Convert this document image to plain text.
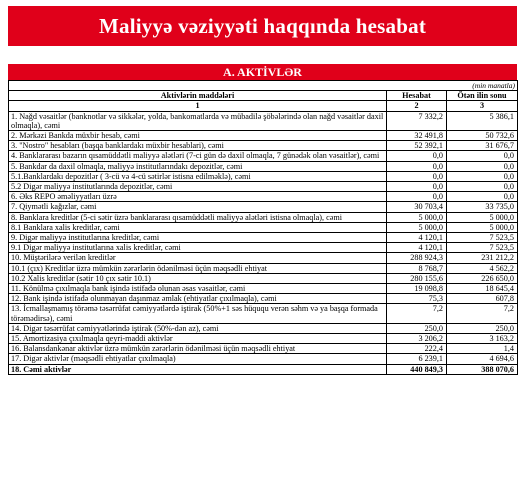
Maliyyə vəziyyəti haqqında hesabat
A. AKTİVLƏR
(min manatla)		
Aktivlərin maddələri	Hesabat	Ötən ilin sonu
1	2	3
1. Nağd vəsaitlər (banknotlar və sikkələr, yolda, bankomatlarda və mübadilə şöbələrində olan nağd vəsaitlər daxil olmaqla), cəmi	7 332,2	5 386,1
2. Mərkəzi Bankda müxbir hesab, cəmi	32 491,8	50 732,6
3. "Nostro" hesabları (başqa banklardakı müxbir hesablari), cəmi	52 392,1	31 676,7
4. Banklararası bazarın qısamüddətli maliyyə alətləri (7-ci gün də daxil olmaqla, 7 günədək olan vəsaitlər), cəmi	0,0	0,0
5. Bankdar da daxil olmaqla, maliyyə institutlarındakı depozitlər, cəmi	0,0	0,0
5.1.Banklardakı depozitlər ( 3-cü və 4-cü sətirlər istisna edilməklə), cəmi	0,0	0,0
5.2 Digər maliyyə institutlarında depozitlər, cəmi	0,0	0,0
6. Əks REPO əməliyyatları üzrə	0,0	0,0
7. Qiymətli kağızlar, cəmi	30 703,4	33 735,0
8. Banklara kreditlər (5-ci sətir üzrə banklararası qısamüddətli maliyyə alətləri istisna olmaqla), cəmi	5 000,0	5 000,0
8.1 Banklara xalis kreditlər, cəmi	5 000,0	5 000,0
9. Digər maliyyə institutlarına kreditlər, cəmi	4 120,1	7 523,5
9.1 Digər maliyyə institutlarına xalis kreditlər, cəmi	4 120,1	7 523,5
10. Müştərilərə verilən kreditlər	288 924,3	231 212,2
10.1 (çıx) Kreditlər üzrə mümkün zərərlərin ödənilməsi üçün məqsədli ehtiyat	8 768,7	4 562,2
10.2 Xalis kreditlər (sətir 10 çıx sətir 10.1)	280 155,6	226 650,0
11. Könülmə çıxılmaqla bank işində istifadə olunan əsas vəsaitlər, cəmi	19 098,8	18 645,4
12. Bank işində istifadə olunmayan daşınmaz əmlak (ehtiyatlar çıxılmaqla), cəmi	75,3	607,8
13. İcmallaşmamış törəmə təsərrüfat cəmiyyətlərdə iştirak (50%+1 səs hüququ verən səhm və ya başqa formada törəmədirsə), cəmi	7,2	7,2
14. Digər təsərrüfat cəmiyyətlərində iştirak (50%-dən az), cəmi	250,0	250,0
15. Amortizasiya çıxılmaqla qeyri-maddi aktivlər	3 206,2	3 163,2
16. Balansdankənar aktivlər üzrə mümkün zərərlərin ödənilməsi üçün məqsədli ehtiyat	222,4	1,4
17. Digər aktivlər (məqsədli ehtiyatlar çıxılmaqla)	6 239,1	4 694,6
18. Cəmi aktivlər	440 849,3	388 070,6
